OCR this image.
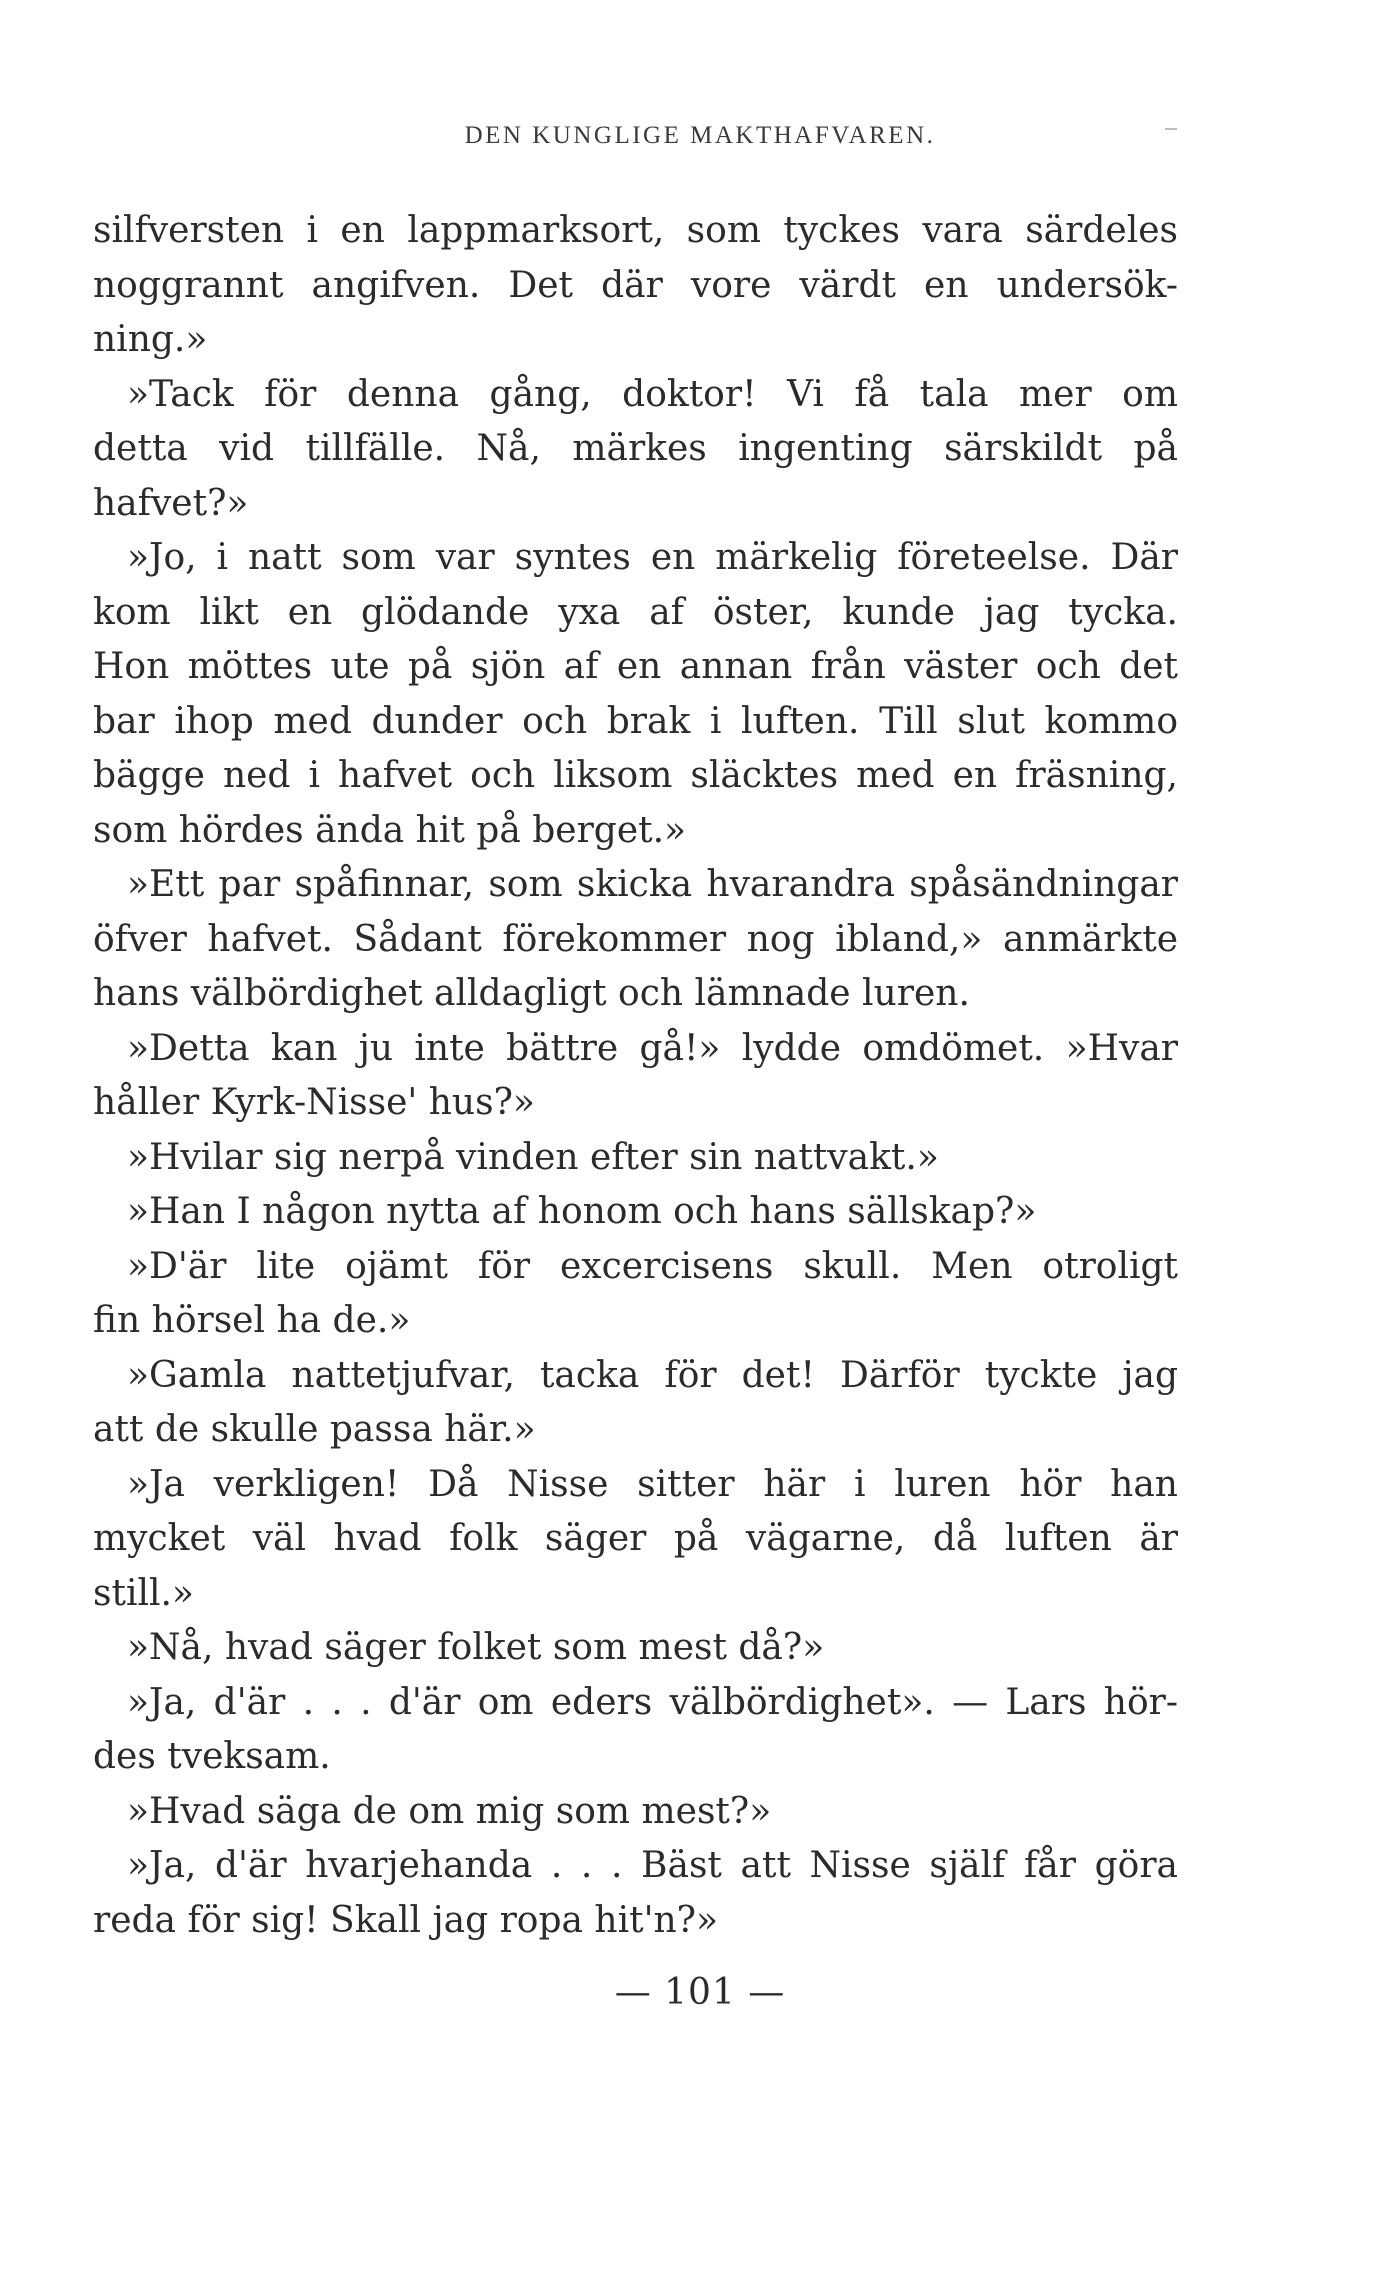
DEN KUNGLIGE MAKTHAFVAREN.
silfversten i en lappmarksort, som tyckes vara särdeles
noggrannt angifven. Det där vore värdt en undersök-
ning.»
»Tack för denna gång, doktor! Vi få tala mer om
detta vid tillfälle. Nå, märkes ingenting särskildt på
hafvet?»
»Jo, i natt som var syntes en märkelig företeelse. Där
kom likt en glödande yxa af öster, kunde jag tycka.
Hon möttes ute på sjön af en annan från väster och det
bar ihop med dunder och brak i luften. Till slut kommo
bägge ned i hafvet och liksom släcktes med en fräsning,
som hördes ända hit på berget.»
»Ett par spåfinnar, som skicka hvarandra spåsändningar
öfver hafvet. Sådant förekommer nog ibland,» anmärkte
hans välbördighet alldagligt och lämnade luren.
»Detta kan ju inte bättre gå!» lydde omdömet. »Hvar
håller Kyrk-Nisse' hus?»
»Hvilar sig nerpå vinden efter sin nattvakt.»
»Han I någon nytta af honom och hans sällskap?»
»D'är lite ojämt för excercisens skull. Men otroligt
fin hörsel ha de.»
»Gamla nattetjufvar, tacka för det! Därför tyckte jag
att de skulle passa här.»
»Ja verkligen! Då Nisse sitter här i luren hör han
mycket väl hvad folk säger på vägarne, då luften är
still.»
»Nå, hvad säger folket som mest då?»
»Ja, d'är . . . d'är om eders välbördighet». — Lars hör-
des tveksam.
»Hvad säga de om mig som mest?»
»Ja, d'är hvarjehanda . . . Bäst att Nisse själf får göra
reda för sig! Skall jag ropa hit'n?»
— 101 —
